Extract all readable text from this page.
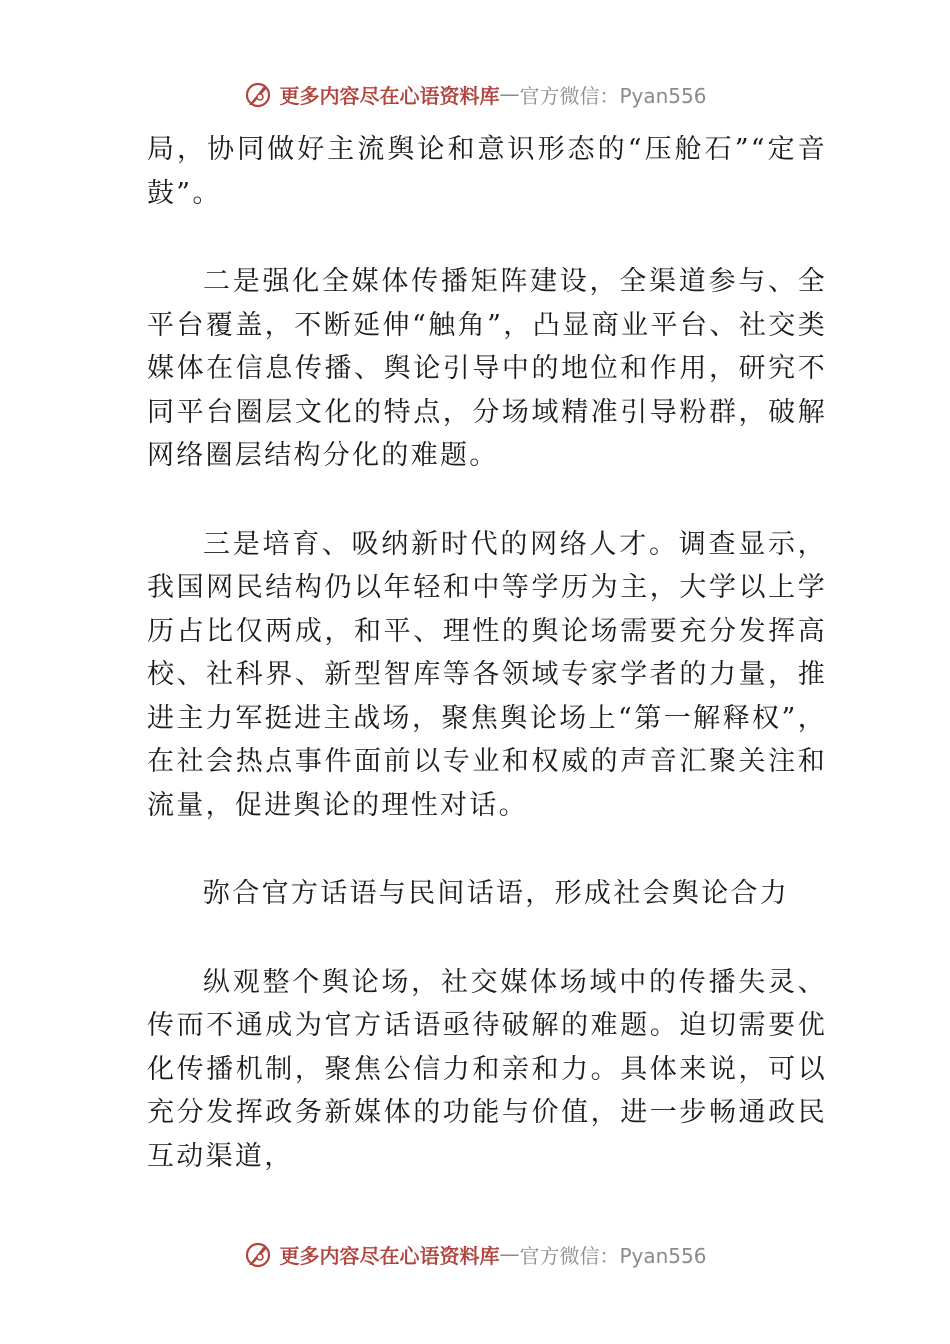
更多内容尽在心语资料库 — 官方微信：Pyan556

局，协同做好主流舆论和意识形态的“压舱石”“定音鼓”。

二是强化全媒体传播矩阵建设，全渠道参与、全平台覆盖，不断延伸“触角”，凸显商业平台、社交类媒体在信息传播、舆论引导中的地位和作用，研究不同平台圈层文化的特点，分场域精准引导粉群，破解网络圈层结构分化的难题。

三是培育、吸纳新时代的网络人才。调查显示，我国网民结构仍以年轻和中等学历为主，大学以上学历占比仅两成，和平、理性的舆论场需要充分发挥高校、社科界、新型智库等各领域专家学者的力量，推进主力军挺进主战场，聚焦舆论场上“第一解释权”，在社会热点事件面前以专业和权威的声音汇聚关注和流量，促进舆论的理性对话。

弥合官方话语与民间话语，形成社会舆论合力

纵观整个舆论场，社交媒体场域中的传播失灵、传而不通成为官方话语亟待破解的难题。迫切需要优化传播机制，聚焦公信力和亲和力。具体来说，可以充分发挥政务新媒体的功能与价值，进一步畅通政民互动渠道，

更多内容尽在心语资料库 — 官方微信：Pyan556
